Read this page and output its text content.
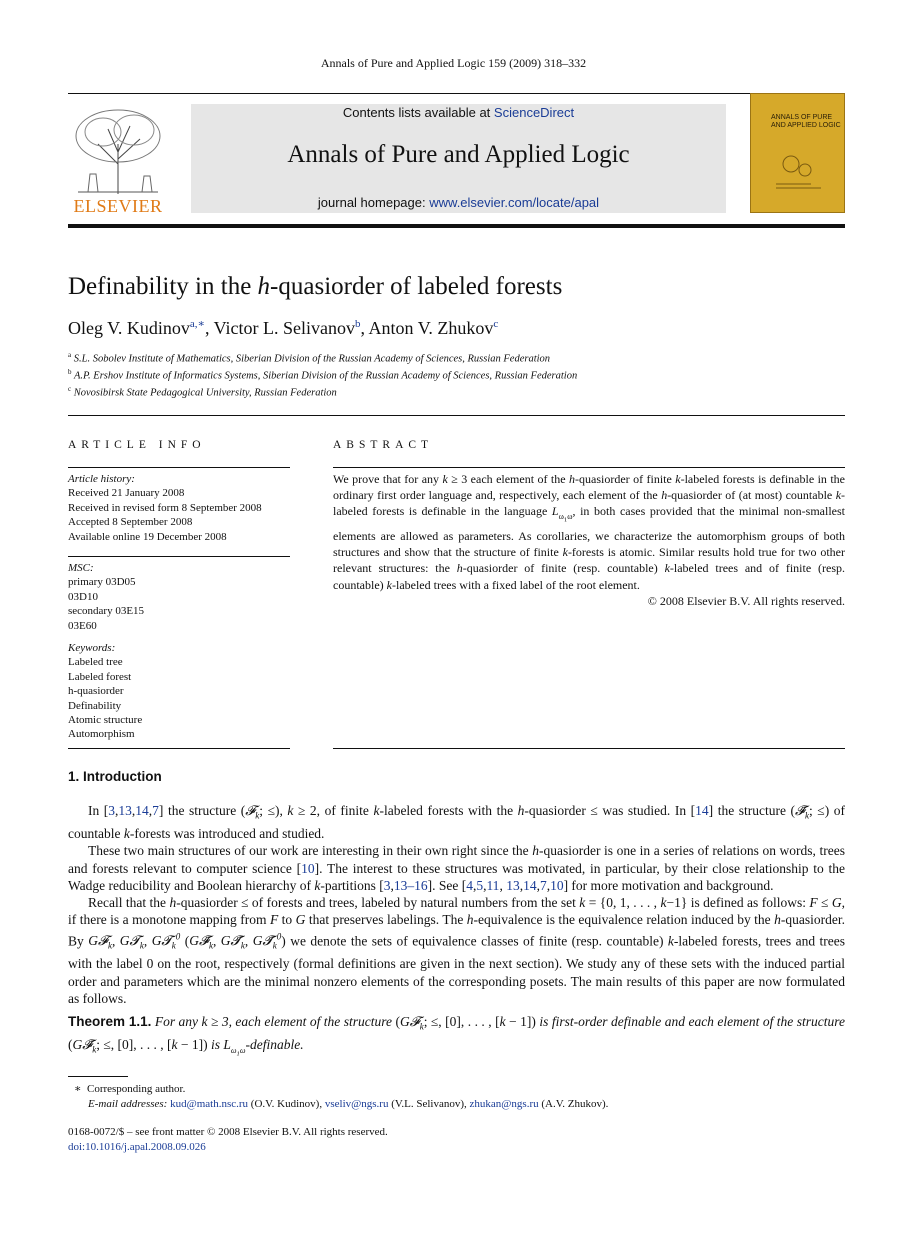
Annals of Pure and Applied Logic 159 (2009) 318–332
ELSEVIER
Contents lists available at ScienceDirect
Annals of Pure and Applied Logic
journal homepage: www.elsevier.com/locate/apal
ANNALS OF PURE AND APPLIED LOGIC
Definability in the h-quasiorder of labeled forests
Oleg V. Kudinov$^{a,∗}$, Victor L. Selivanov$^b$, Anton V. Zhukov$^c$
$^a$ S.L. Sobolev Institute of Mathematics, Siberian Division of the Russian Academy of Sciences, Russian Federation
$^b$ A.P. Ershov Institute of Informatics Systems, Siberian Division of the Russian Academy of Sciences, Russian Federation
$^c$ Novosibirsk State Pedagogical University, Russian Federation
ARTICLE INFO
Article history:
Received 21 January 2008
Received in revised form 8 September 2008
Accepted 8 September 2008
Available online 19 December 2008
MSC:
primary 03D05
03D10
secondary 03E15
03E60
Keywords:
Labeled tree
Labeled forest
h-quasiorder
Definability
Atomic structure
Automorphism
ABSTRACT
We prove that for any k ≥ 3 each element of the h-quasiorder of finite k-labeled forests is definable in the ordinary first order language and, respectively, each element of the h-quasiorder of (at most) countable k-labeled forests is definable in the language $L_{\omega_1\omega}$, in both cases provided that the minimal non-smallest elements are allowed as parameters. As corollaries, we characterize the automorphism groups of both structures and show that the structure of finite k-forests is atomic. Similar results hold true for two other relevant structures: the h-quasiorder of finite (resp. countable) k-labeled trees and of finite (resp. countable) k-labeled trees with a fixed label of the root element.
© 2008 Elsevier B.V. All rights reserved.
1. Introduction
In [3,13,14,7] the structure (𝓕$_k$; ≤), k ≥ 2, of finite k-labeled forests with the h-quasiorder ≤ was studied. In [14] the structure ($𝓕̃_k$; ≤) of countable k-forests was introduced and studied.
These two main structures of our work are interesting in their own right since the h-quasiorder is one in a series of relations on words, trees and forests relevant to computer science [10]. The interest to these structures was motivated, in particular, by their close relationship to the Wadge reducibility and Boolean hierarchy of k-partitions [3,13–16]. See [4,5,11, 13,14,7,10] for more motivation and background.
Recall that the h-quasiorder ≤ of forests and trees, labeled by natural numbers from the set k = {0, 1, . . . , k−1} is defined as follows: F ≤ G, if there is a monotone mapping from F to G that preserves labelings. The h-equivalence is the equivalence relation induced by the h-quasiorder. By G𝓕$_k$, G𝓣$_k$, G𝓣$_k^0$ ($G𝓕̃_k$, $G𝓣̃_k$, $G𝓣̃_k^0$) we denote the sets of equivalence classes of finite (resp. countable) k-labeled forests, trees and trees with the label 0 on the root, respectively (formal definitions are given in the next section). We study any of these sets with the induced partial order and parameters which are the minimal nonzero elements of the corresponding posets. The main results of this paper are now formulated as follows.
Theorem 1.1. For any k ≥ 3, each element of the structure (G𝓕$_k$; ≤, [0], . . . , [k − 1]) is first-order definable and each element of the structure ($G𝓕̃_k$; ≤, [0], . . . , [k − 1]) is $L_{\omega_1\omega}$-definable.
∗  Corresponding author.
E-mail addresses: kud@math.nsc.ru (O.V. Kudinov), vseliv@ngs.ru (V.L. Selivanov), zhukan@ngs.ru (A.V. Zhukov).
0168-0072/$ – see front matter © 2008 Elsevier B.V. All rights reserved.
doi:10.1016/j.apal.2008.09.026
